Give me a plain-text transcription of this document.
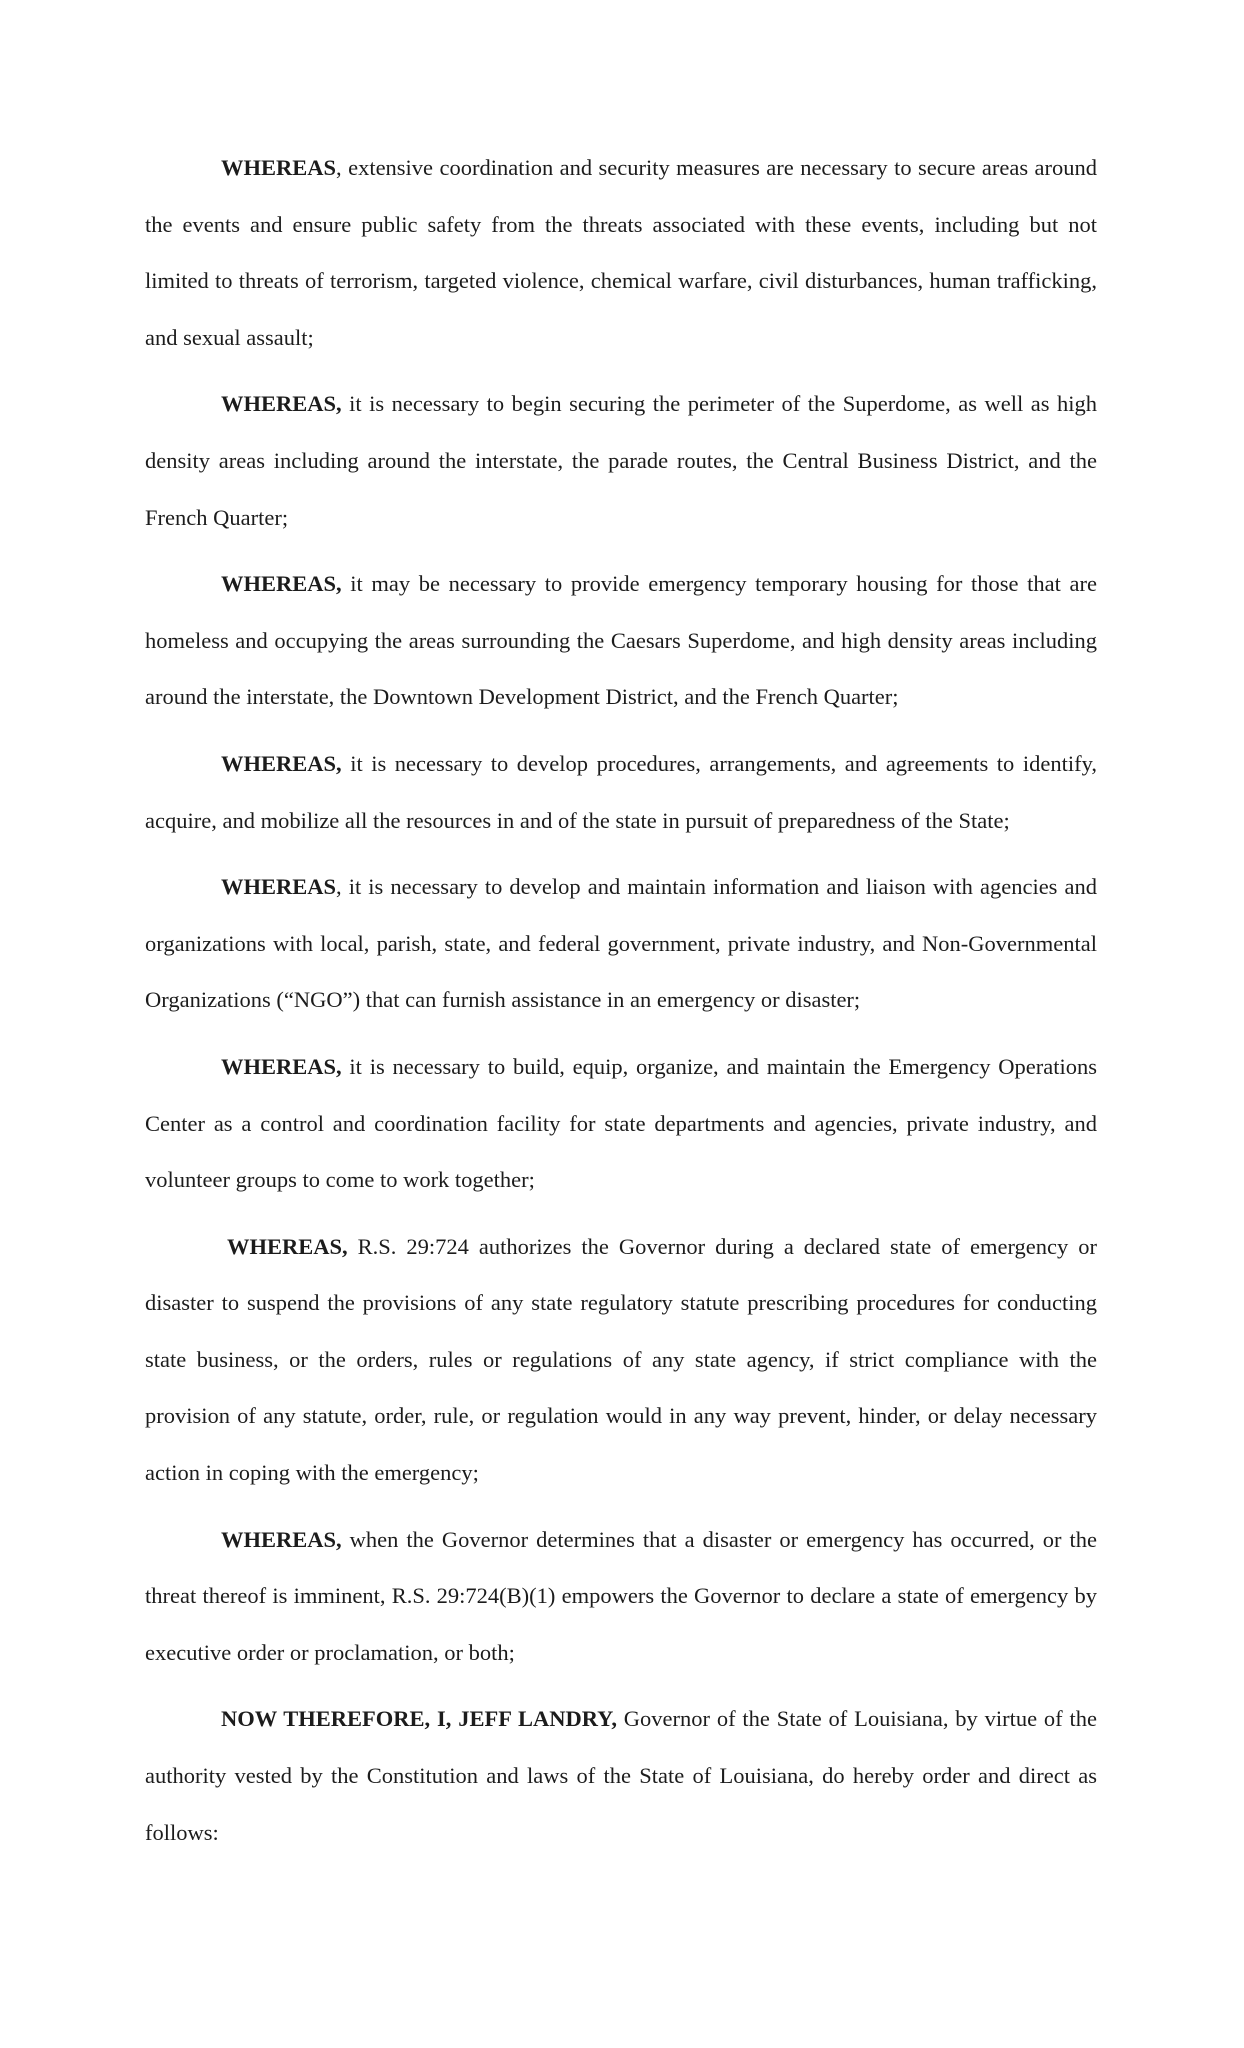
WHEREAS, extensive coordination and security measures are necessary to secure areas around the events and ensure public safety from the threats associated with these events, including but not limited to threats of terrorism, targeted violence, chemical warfare, civil disturbances, human trafficking, and sexual assault;

WHEREAS, it is necessary to begin securing the perimeter of the Superdome, as well as high density areas including around the interstate, the parade routes, the Central Business District, and the French Quarter;

WHEREAS, it may be necessary to provide emergency temporary housing for those that are homeless and occupying the areas surrounding the Caesars Superdome, and high density areas including around the interstate, the Downtown Development District, and the French Quarter;

WHEREAS, it is necessary to develop procedures, arrangements, and agreements to identify, acquire, and mobilize all the resources in and of the state in pursuit of preparedness of the State;

WHEREAS, it is necessary to develop and maintain information and liaison with agencies and organizations with local, parish, state, and federal government, private industry, and Non-Governmental Organizations (“NGO”) that can furnish assistance in an emergency or disaster;

WHEREAS, it is necessary to build, equip, organize, and maintain the Emergency Operations Center as a control and coordination facility for state departments and agencies, private industry, and volunteer groups to come to work together;

WHEREAS, R.S. 29:724 authorizes the Governor during a declared state of emergency or disaster to suspend the provisions of any state regulatory statute prescribing procedures for conducting state business, or the orders, rules or regulations of any state agency, if strict compliance with the provision of any statute, order, rule, or regulation would in any way prevent, hinder, or delay necessary action in coping with the emergency;

WHEREAS, when the Governor determines that a disaster or emergency has occurred, or the threat thereof is imminent, R.S. 29:724(B)(1) empowers the Governor to declare a state of emergency by executive order or proclamation, or both;

NOW THEREFORE, I, JEFF LANDRY, Governor of the State of Louisiana, by virtue of the authority vested by the Constitution and laws of the State of Louisiana, do hereby order and direct as follows:
